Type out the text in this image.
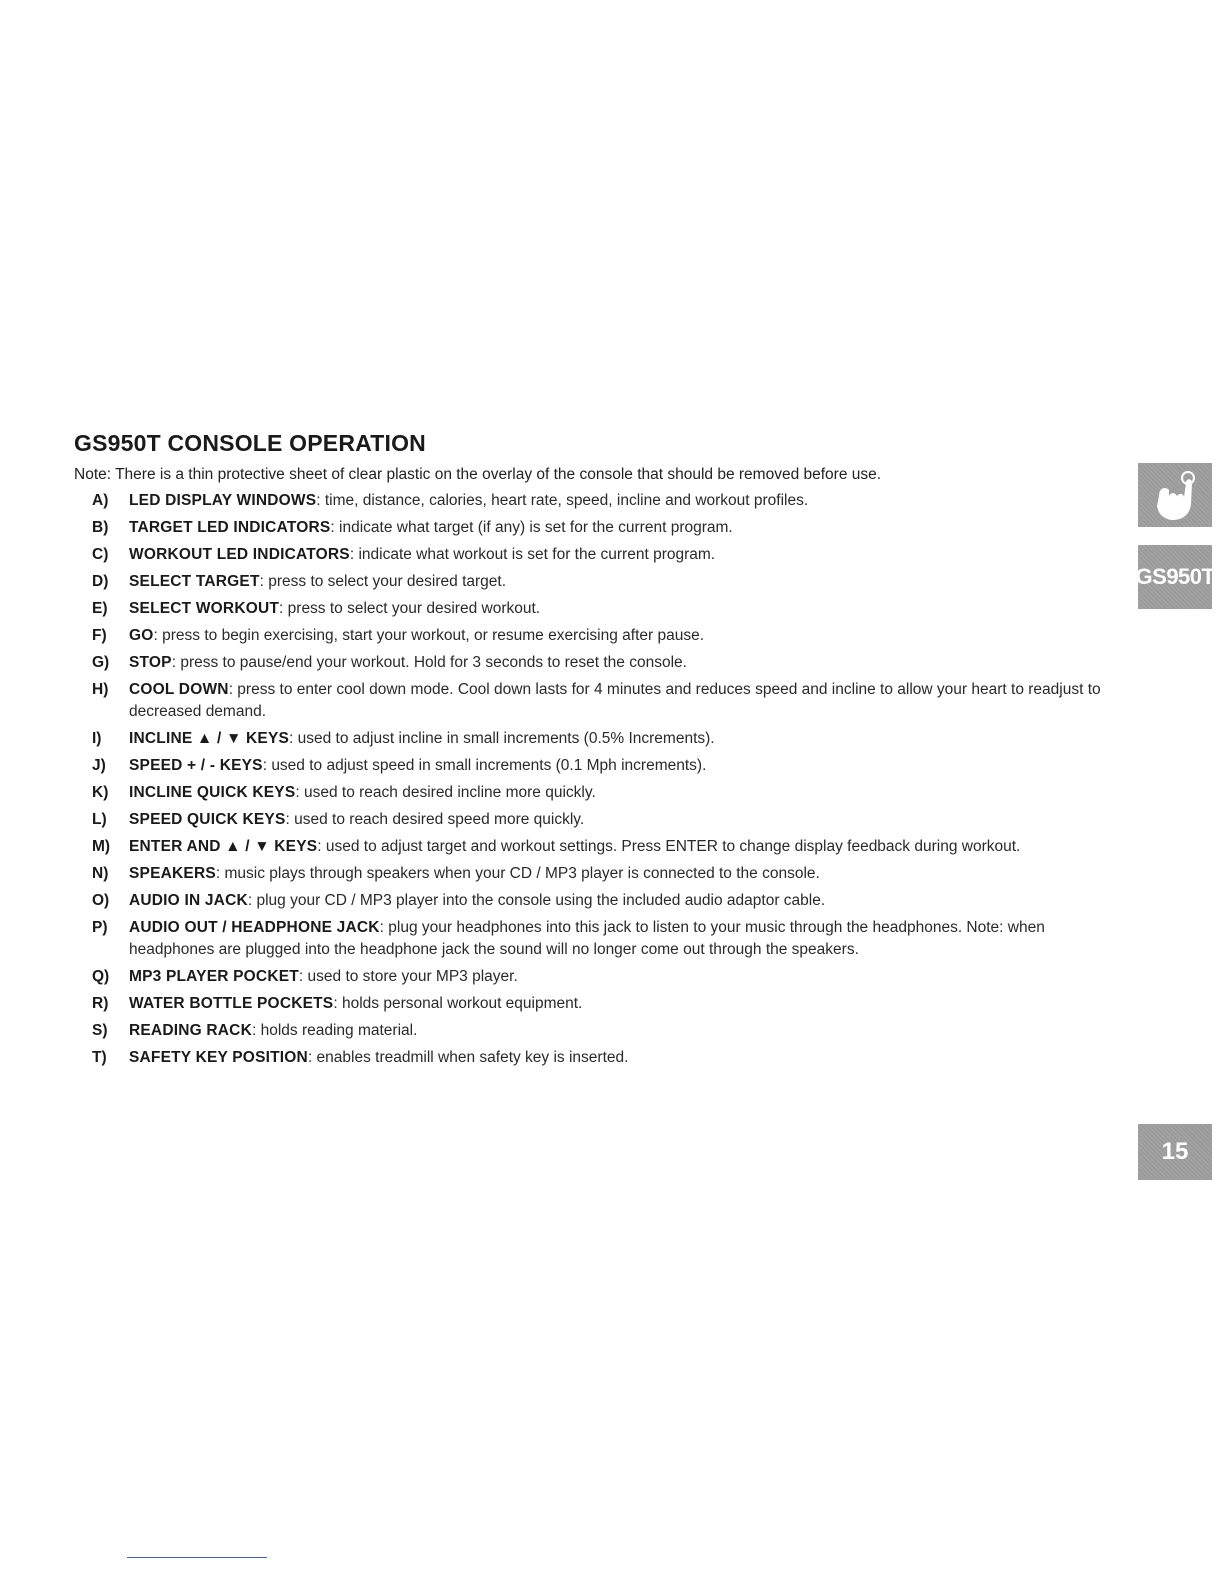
GS950T CONSOLE OPERATION

Note: There is a thin protective sheet of clear plastic on the overlay of the console that should be removed before use.

A) LED DISPLAY WINDOWS: time, distance, calories, heart rate, speed, incline and workout profiles.
B) TARGET LED INDICATORS: indicate what target (if any) is set for the current program.
C) WORKOUT LED INDICATORS: indicate what workout is set for the current program.
D) SELECT TARGET: press to select your desired target.
E) SELECT WORKOUT: press to select your desired workout.
F) GO: press to begin exercising, start your workout, or resume exercising after pause.
G) STOP: press to pause/end your workout. Hold for 3 seconds to reset the console.
H) COOL DOWN: press to enter cool down mode. Cool down lasts for 4 minutes and reduces speed and incline to allow your heart to readjust to decreased demand.
I) INCLINE ▲ / ▼ KEYS: used to adjust incline in small increments (0.5% Increments).
J) SPEED + / - KEYS: used to adjust speed in small increments (0.1 Mph increments).
K) INCLINE QUICK KEYS: used to reach desired incline more quickly.
L) SPEED QUICK KEYS: used to reach desired speed more quickly.
M) ENTER AND ▲ / ▼ KEYS: used to adjust target and workout settings. Press ENTER to change display feedback during workout.
N) SPEAKERS: music plays through speakers when your CD / MP3 player is connected to the console.
O) AUDIO IN JACK: plug your CD / MP3 player into the console using the included audio adaptor cable.
P) AUDIO OUT / HEADPHONE JACK: plug your headphones into this jack to listen to your music through the headphones. Note: when headphones are plugged into the headphone jack the sound will no longer come out through the speakers.
Q) MP3 PLAYER POCKET: used to store your MP3 player.
R) WATER BOTTLE POCKETS: holds personal workout equipment.
S) READING RACK: holds reading material.
T) SAFETY KEY POSITION: enables treadmill when safety key is inserted.
GS950T
15
